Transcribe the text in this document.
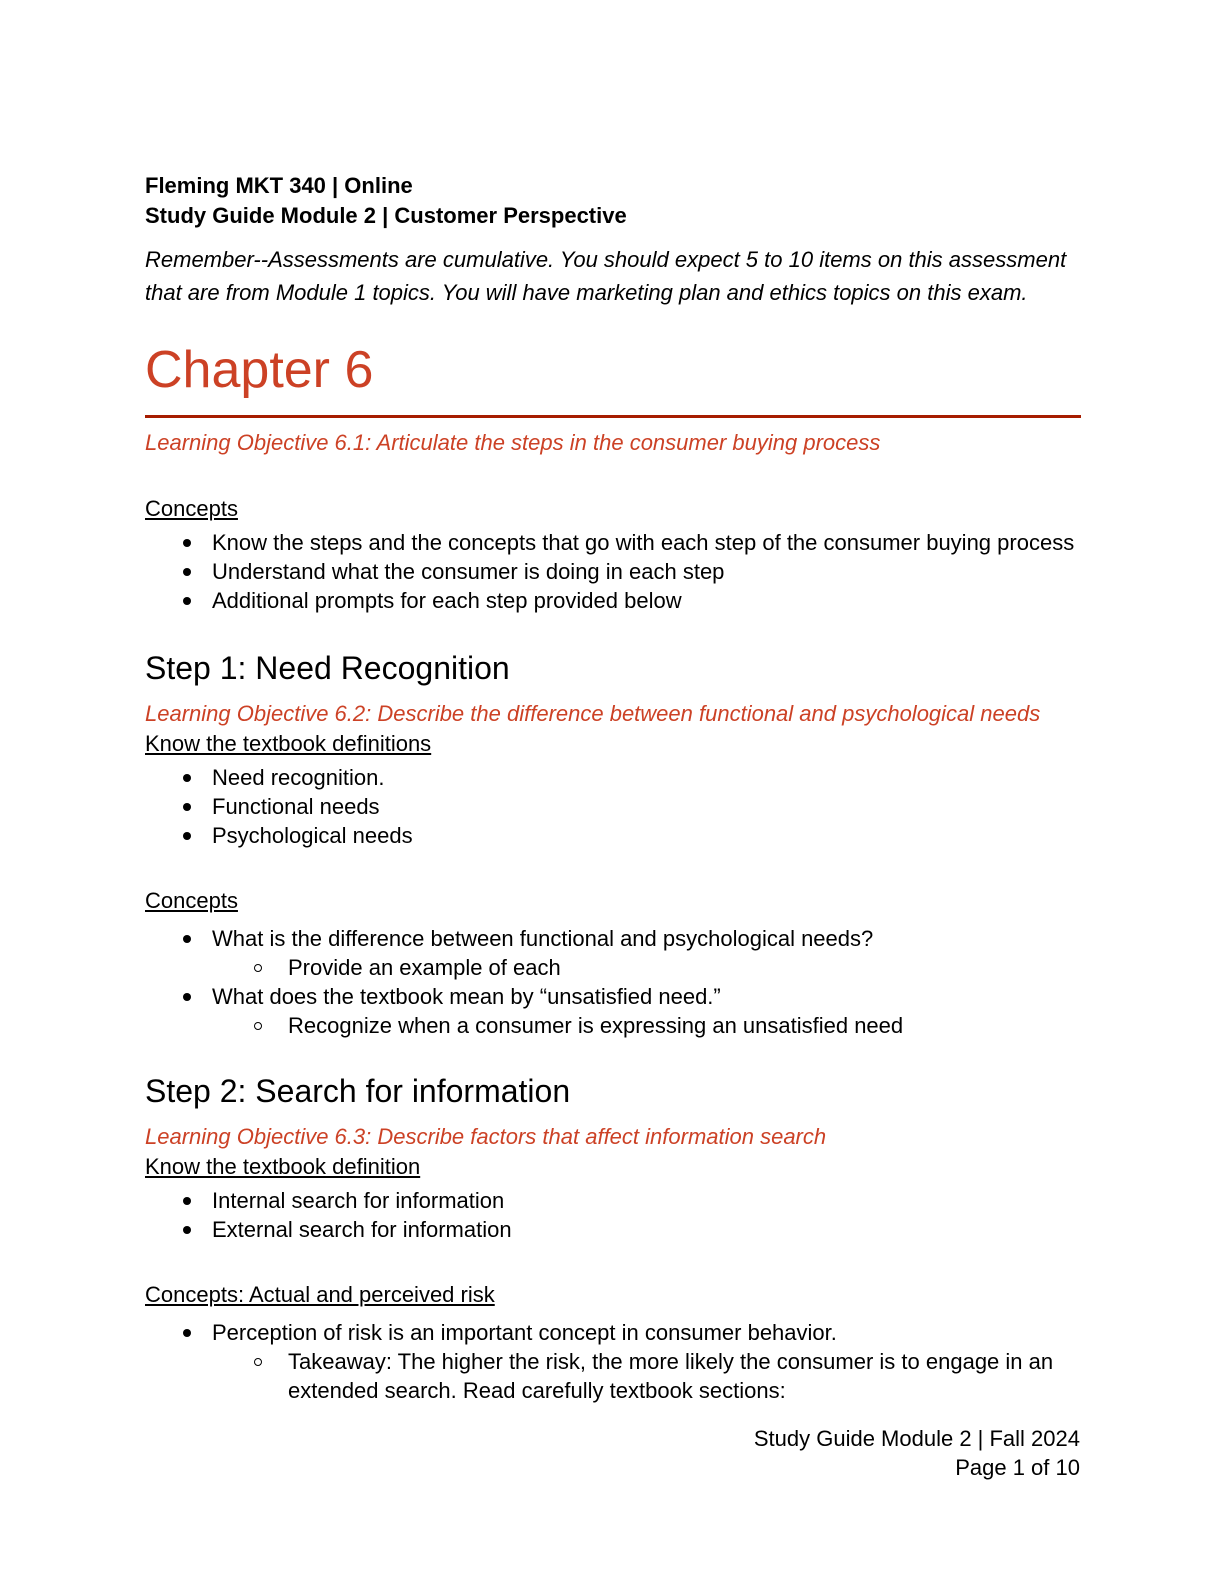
Fleming MKT 340 | Online

Study Guide Module 2 | Customer Perspective

Remember--Assessments are cumulative. You should expect 5 to 10 items on this assessment that are from Module 1 topics. You will have marketing plan and ethics topics on this exam.

Chapter 6

Learning Objective 6.1: Articulate the steps in the consumer buying process

Concepts

Know the steps and the concepts that go with each step of the consumer buying process
Understand what the consumer is doing in each step
Additional prompts for each step provided below
Step 1: Need Recognition

Learning Objective 6.2: Describe the difference between functional and psychological needs

Know the textbook definitions

Need recognition.
Functional needs
Psychological needs

Concepts

What is the difference between functional and psychological needs?
Provide an example of each
What does the textbook mean by “unsatisfied need.”
Recognize when a consumer is expressing an unsatisfied need
Step 2: Search for information

Learning Objective 6.3: Describe factors that affect information search

Know the textbook definition

Internal search for information
External search for information

Concepts: Actual and perceived risk

Perception of risk is an important concept in consumer behavior.
Takeaway: The higher the risk, the more likely the consumer is to engage in an extended search. Read carefully textbook sections:

Study Guide Module 2 | Fall 2024

Page 1 of 10
